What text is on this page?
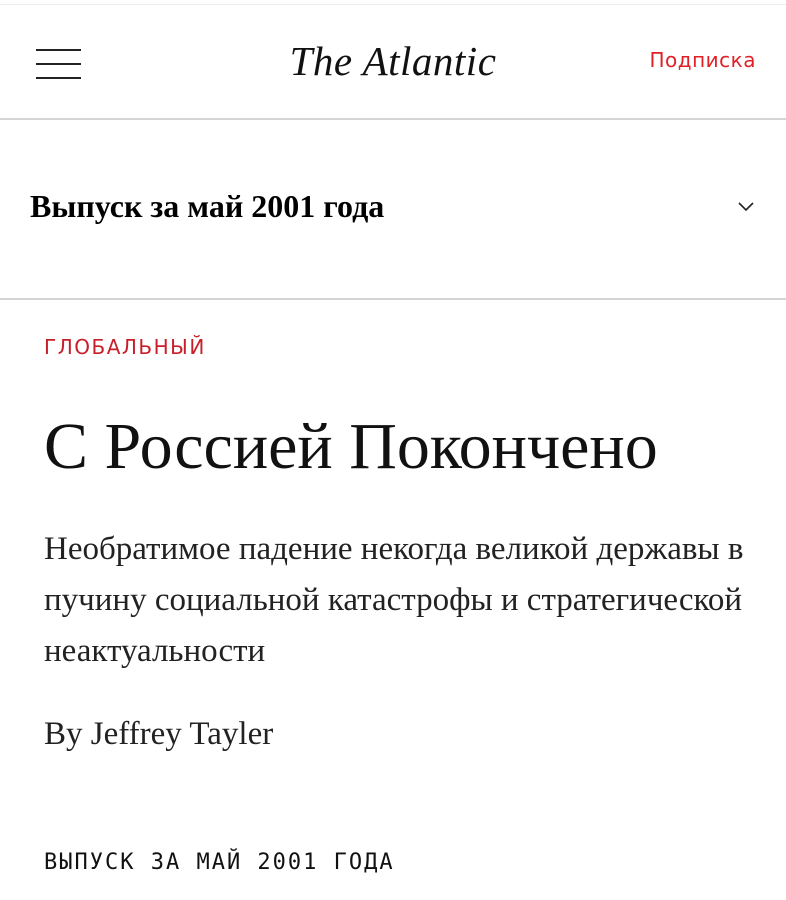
The Atlantic	Подписка
Выпуск за май 2001 года
ГЛОБАЛЬНЫЙ
С Россией Покончено

Необратимое падение некогда великой державы в пучину социальной катастрофы и стратегической неактуальности

By Jeffrey Tayler
ВЫПУСК ЗА МАЙ 2001 ГОДА
